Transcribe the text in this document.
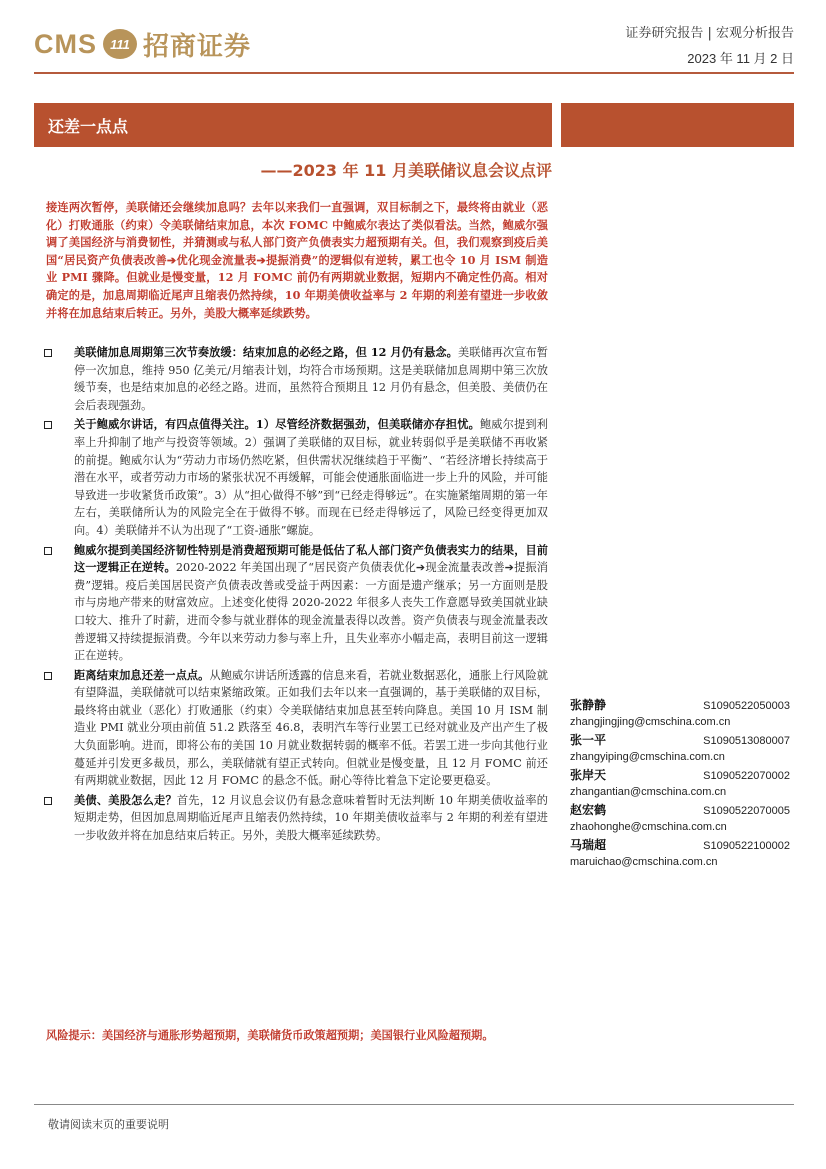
CMS	111 招商证券	证券研究报告 | 宏观分析报告
2023 年 11 月 2 日
还差一点点
——2023 年 11 月美联储议息会议点评
接连两次暂停，美联储还会继续加息吗？去年以来我们一直强调，双目标制之下，最终将由就业（恶化）打败通胀（约束）令美联储结束加息，本次 FOMC 中鲍威尔表达了类似看法。当然，鲍威尔强调了美国经济与消费韧性，并猜测或与私人部门资产负债表实力超预期有关。但，我们观察到疫后美国“居民资产负债表改善➔优化现金流量表➔提振消费”的逻辑似有逆转，累工也令 10 月 ISM 制造业 PMI 骤降。但就业是慢变量，12 月 FOMC 前仍有两期就业数据，短期内不确定性仍高。相对确定的是，加息周期临近尾声且缩表仍然持续，10 年期美债收益率与 2 年期的利差有望进一步收敛并将在加息结束后转正。另外，美股大概率延续跌势。
美联储加息周期第三次节奏放缓：结束加息的必经之路，但 12 月仍有悬念。美联储再次宣布暂停一次加息，维持 950 亿美元/月缩表计划，均符合市场预期。这是美联储加息周期中第三次放缓节奏，也是结束加息的必经之路。进而，虽然符合预期且 12 月仍有悬念，但美股、美债仍在会后表现强劲。
关于鲍威尔讲话，有四点值得关注。1）尽管经济数据强劲，但美联储亦存担忧。鲍威尔提到利率上升抑制了地产与投资等领域。2）强调了美联储的双目标，就业转弱似乎是美联储不再收紧的前提。鲍威尔认为“劳动力市场仍然吃紧，但供需状况继续趋于平衡”、“若经济增长持续高于潜在水平，或者劳动力市场的紧张状况不再缓解，可能会使通胀面临进一步上升的风险，并可能导致进一步收紧货币政策”。3）从“担心做得不够”到“已经走得够远”。在实施紧缩周期的第一年左右，美联储所认为的风险完全在于做得不够。而现在已经走得够远了，风险已经变得更加双向。4）美联储并不认为出现了“工资-通胀”螺旋。
鲍威尔提到美国经济韧性特别是消费超预期可能是低估了私人部门资产负债表实力的结果，目前这一逻辑正在逆转。2020-2022 年美国出现了“居民资产负债表优化➔现金流量表改善➔提振消费”逻辑。疫后美国居民资产负债表改善或受益于两因素：一方面是遗产继承；另一方面则是股市与房地产带来的财富效应。上述变化使得 2020-2022 年很多人丧失工作意愿导致美国就业缺口较大、推升了时薪，进而令参与就业群体的现金流量表得以改善。资产负债表与现金流量表改善逻辑又持续提振消费。今年以来劳动力参与率上升，且失业率亦小幅走高，表明目前这一逻辑正在逆转。
距离结束加息还差一点点。从鲍威尔讲话所透露的信息来看，若就业数据恶化，通胀上行风险就有望降温，美联储就可以结束紧缩政策。正如我们去年以来一直强调的，基于美联储的双目标，最终将由就业（恶化）打败通胀（约束）令美联储结束加息甚至转向降息。美国 10 月 ISM 制造业 PMI 就业分项由前值 51.2 跌落至 46.8，表明汽车等行业罢工已经对就业及产出产生了极大负面影响。进而，即将公布的美国 10 月就业数据转弱的概率不低。若罢工进一步向其他行业蔓延并引发更多裁员，那么，美联储就有望正式转向。但就业是慢变量，且 12 月 FOMC 前还有两期就业数据，因此 12 月 FOMC 的悬念不低。耐心等待比着急下定论要更稳妥。
美债、美股怎么走？首先，12 月议息会议仍有悬念意味着暂时无法判断 10 年期美债收益率的短期走势，但因加息周期临近尾声且缩表仍然持续，10 年期美债收益率与 2 年期的利差有望进一步收敛并将在加息结束后转正。另外，美股大概率延续跌势。
风险提示：美国经济与通胀形势超预期，美联储货币政策超预期；美国银行业风险超预期。
张静静	S1090522050003
zhangjingjing@cmschina.com.cn
张一平	S1090513080007
zhangyiping@cmschina.com.cn
张岸天	S1090522070002
zhangantian@cmschina.com.cn
赵宏鹤	S1090522070005
zhaohonghe@cmschina.com.cn
马瑞超	S1090522100002
maruichao@cmschina.com.cn
敬请阅读末页的重要说明
